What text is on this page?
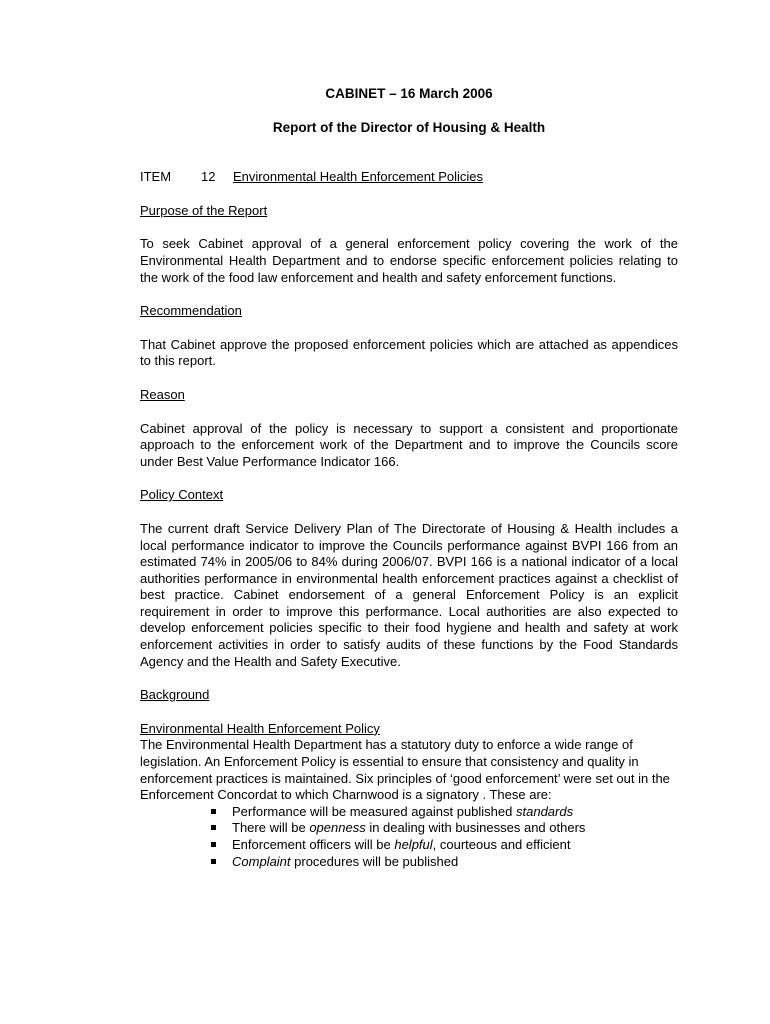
CABINET – 16 March 2006

Report of the Director of Housing & Health

ITEM	12	Environmental Health Enforcement Policies

Purpose of the Report

To seek Cabinet approval of a general enforcement policy covering the work of the Environmental Health Department and to endorse specific enforcement policies relating to the work of the food law enforcement and health and safety enforcement functions.

Recommendation

That Cabinet approve the proposed enforcement policies which are attached as appendices to this report.

Reason

Cabinet approval of the policy is necessary to support a consistent and proportionate approach to the enforcement work of the Department and to improve the Councils score under Best Value Performance Indicator 166.

Policy Context

The current draft Service Delivery Plan of The Directorate of Housing & Health includes a local performance indicator to improve the Councils performance against BVPI 166 from an estimated 74% in 2005/06 to 84% during 2006/07. BVPI 166 is a national indicator of a local authorities performance in environmental health enforcement practices against a checklist of best practice. Cabinet endorsement of a general Enforcement Policy is an explicit requirement in order to improve this performance. Local authorities are also expected to develop enforcement policies specific to their food hygiene and health and safety at work enforcement activities in order to satisfy audits of these functions by the Food Standards Agency and the Health and Safety Executive.

Background

Environmental Health Enforcement Policy

The Environmental Health Department has a statutory duty to enforce a wide range of legislation. An Enforcement Policy is essential to ensure that consistency and quality in enforcement practices is maintained. Six principles of ‘good enforcement’ were set out in the Enforcement Concordat to which Charnwood is a signatory . These are:

Performance will be measured against published standards
There will be openness in dealing with businesses and others
Enforcement officers will be helpful, courteous and efficient
Complaint procedures will be published
